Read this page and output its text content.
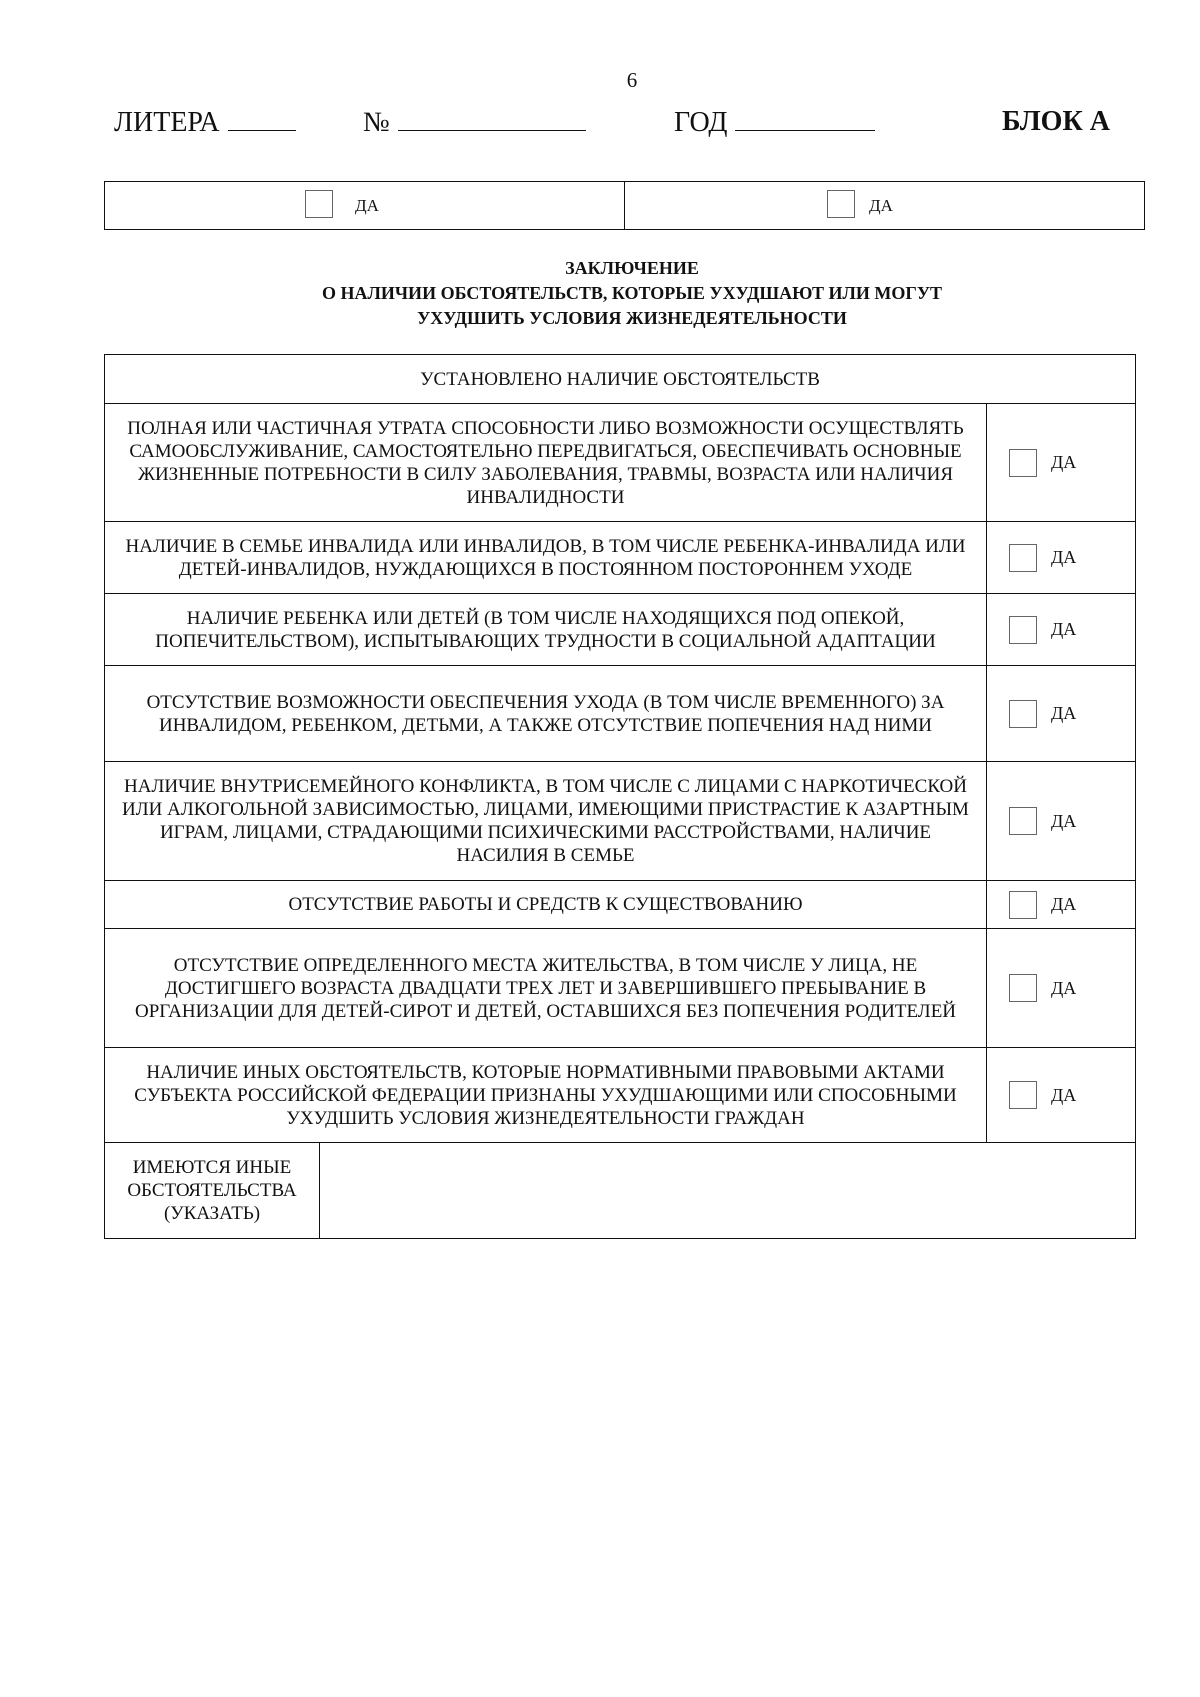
6
ЛИТЕРА	№	ГОД	БЛОК А
ДА	ДА
ЗАКЛЮЧЕНИЕ
О НАЛИЧИИ ОБСТОЯТЕЛЬСТВ, КОТОРЫЕ УХУДШАЮТ ИЛИ МОГУТ
УХУДШИТЬ УСЛОВИЯ ЖИЗНЕДЕЯТЕЛЬНОСТИ
УСТАНОВЛЕНО НАЛИЧИЕ ОБСТОЯТЕЛЬСТВ		
ПОЛНАЯ ИЛИ ЧАСТИЧНАЯ УТРАТА СПОСОБНОСТИ ЛИБО ВОЗМОЖНОСТИ ОСУЩЕСТВЛЯТЬ САМООБСЛУЖИВАНИЕ, САМОСТОЯТЕЛЬНО ПЕРЕДВИГАТЬСЯ, ОБЕСПЕЧИВАТЬ ОСНОВНЫЕ ЖИЗНЕННЫЕ ПОТРЕБНОСТИ В СИЛУ ЗАБОЛЕВАНИЯ, ТРАВМЫ, ВОЗРАСТА ИЛИ НАЛИЧИЯ ИНВАЛИДНОСТИ		ДА
НАЛИЧИЕ В СЕМЬЕ ИНВАЛИДА ИЛИ ИНВАЛИДОВ, В ТОМ ЧИСЛЕ РЕБЕНКА-ИНВАЛИДА ИЛИ ДЕТЕЙ-ИНВАЛИДОВ, НУЖДАЮЩИХСЯ В ПОСТОЯННОМ ПОСТОРОННЕМ УХОДЕ		ДА
НАЛИЧИЕ РЕБЕНКА ИЛИ ДЕТЕЙ (В ТОМ ЧИСЛЕ НАХОДЯЩИХСЯ ПОД ОПЕКОЙ, ПОПЕЧИТЕЛЬСТВОМ), ИСПЫТЫВАЮЩИХ ТРУДНОСТИ В СОЦИАЛЬНОЙ АДАПТАЦИИ		ДА
ОТСУТСТВИЕ ВОЗМОЖНОСТИ ОБЕСПЕЧЕНИЯ УХОДА (В ТОМ ЧИСЛЕ ВРЕМЕННОГО) ЗА ИНВАЛИДОМ, РЕБЕНКОМ, ДЕТЬМИ, А ТАКЖЕ ОТСУТСТВИЕ ПОПЕЧЕНИЯ НАД НИМИ		ДА
НАЛИЧИЕ ВНУТРИСЕМЕЙНОГО КОНФЛИКТА, В ТОМ ЧИСЛЕ С ЛИЦАМИ С НАРКОТИЧЕСКОЙ ИЛИ АЛКОГОЛЬНОЙ ЗАВИСИМОСТЬЮ, ЛИЦАМИ, ИМЕЮЩИМИ ПРИСТРАСТИЕ К АЗАРТНЫМ ИГРАМ, ЛИЦАМИ, СТРАДАЮЩИМИ ПСИХИЧЕСКИМИ РАССТРОЙСТВАМИ, НАЛИЧИЕ НАСИЛИЯ В СЕМЬЕ		ДА
ОТСУТСТВИЕ РАБОТЫ И СРЕДСТВ К СУЩЕСТВОВАНИЮ		ДА
ОТСУТСТВИЕ ОПРЕДЕЛЕННОГО МЕСТА ЖИТЕЛЬСТВА, В ТОМ ЧИСЛЕ У ЛИЦА, НЕ ДОСТИГШЕГО ВОЗРАСТА ДВАДЦАТИ ТРЕХ ЛЕТ И ЗАВЕРШИВШЕГО ПРЕБЫВАНИЕ В ОРГАНИЗАЦИИ ДЛЯ ДЕТЕЙ-СИРОТ И ДЕТЕЙ, ОСТАВШИХСЯ БЕЗ ПОПЕЧЕНИЯ РОДИТЕЛЕЙ		ДА
НАЛИЧИЕ ИНЫХ ОБСТОЯТЕЛЬСТВ, КОТОРЫЕ НОРМАТИВНЫМИ ПРАВОВЫМИ АКТАМИ СУБЪЕКТА РОССИЙСКОЙ ФЕДЕРАЦИИ ПРИЗНАНЫ УХУДШАЮЩИМИ ИЛИ СПОСОБНЫМИ УХУДШИТЬ УСЛОВИЯ ЖИЗНЕДЕЯТЕЛЬНОСТИ ГРАЖДАН		ДА
ИМЕЮТСЯ ИНЫЕ ОБСТОЯТЕЛЬСТВА (УКАЗАТЬ)		
